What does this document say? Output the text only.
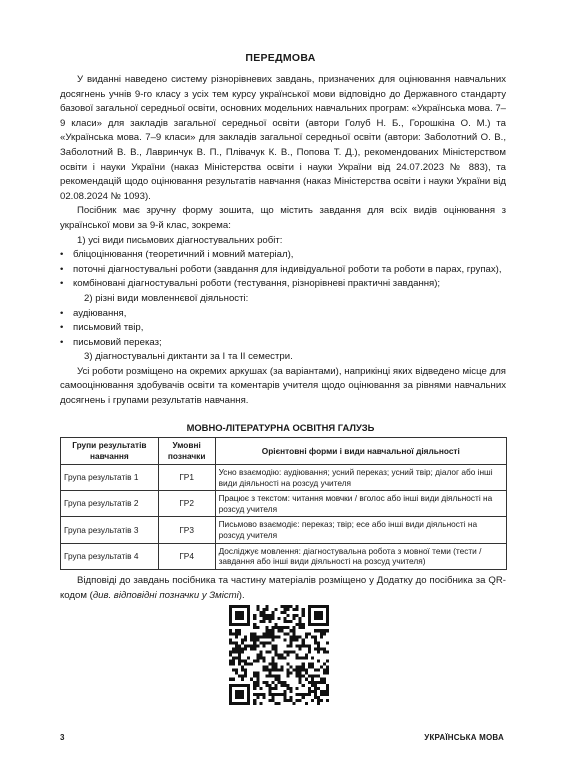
ПЕРЕДМОВА

У виданні наведено систему різнорівневих завдань, призначених для оцінювання навчальних досягнень учнів 9-го класу з усіх тем курсу української мови відповідно до Державного стандарту базової загальної середньої освіти, основних модельних навчальних програм: «Українська мова. 7–9 класи» для закладів загальної середньої освіти (автори Голуб Н. Б., Горошкіна О. М.) та «Українська мова. 7–9 класи» для закладів загальної середньої освіти (автори: Заболотний О. В., Заболотний В. В., Лавринчук В. П., Плівачук К. В., Попова Т. Д.), рекомендованих Міністерством освіти і науки України (наказ Міністерства освіти і науки України від 24.07.2023 № 883), та рекомендацій щодо оцінювання результатів навчання (наказ Міністерства освіти і науки України від 02.08.2024 № 1093).

Посібник має зручну форму зошита, що містить завдання для всіх видів оцінювання з української мови за 9-й клас, зокрема:

1) усі види письмових діагностувальних робіт:

• бліцоцінювання (теоретичний і мовний матеріал),
• поточні діагностувальні роботи (завдання для індивідуальної роботи та роботи в парах, групах),
• комбіновані діагностувальні роботи (тестування, різнорівневі практичні завдання);

2) різні види мовленнєвої діяльності:

• аудіювання,
• письмовий твір,
• письмовий переказ;

3) діагностувальні диктанти за І та ІІ семестри.

Усі роботи розміщено на окремих аркушах (за варіантами), наприкінці яких відведено місце для самооцінювання здобувачів освіти та коментарів учителя щодо оцінювання за рівнями навчальних досягнень і групами результатів навчання.

МОВНО-ЛІТЕРАТУРНА ОСВІТНЯ ГАЛУЗЬ
Групи результатів навчання	Умовні позначки	Орієнтовні форми і види навчальної діяльності
Група результатів 1	ГР1	Усно взаємодію: аудіювання; усний переказ; усний твір; діалог або інші види діяльності на розсуд учителя
Група результатів 2	ГР2	Працює з текстом: читання мовчки / вголос або інші види діяльності на розсуд учителя
Група результатів 3	ГР3	Письмово взаємодіє: переказ; твір; есе або інші види діяльності на розсуд учителя
Група результатів 4	ГР4	Досліджує мовлення: діагностувальна робота з мовної теми (тести / завдання або інші види діяльності на розсуд учителя)

Відповіді до завдань посібника та частину матеріалів розміщено у Додатку до посібника за QR-кодом (див. відповідні позначки у Змісті).

3	УКРАЇНСЬКА МОВА
